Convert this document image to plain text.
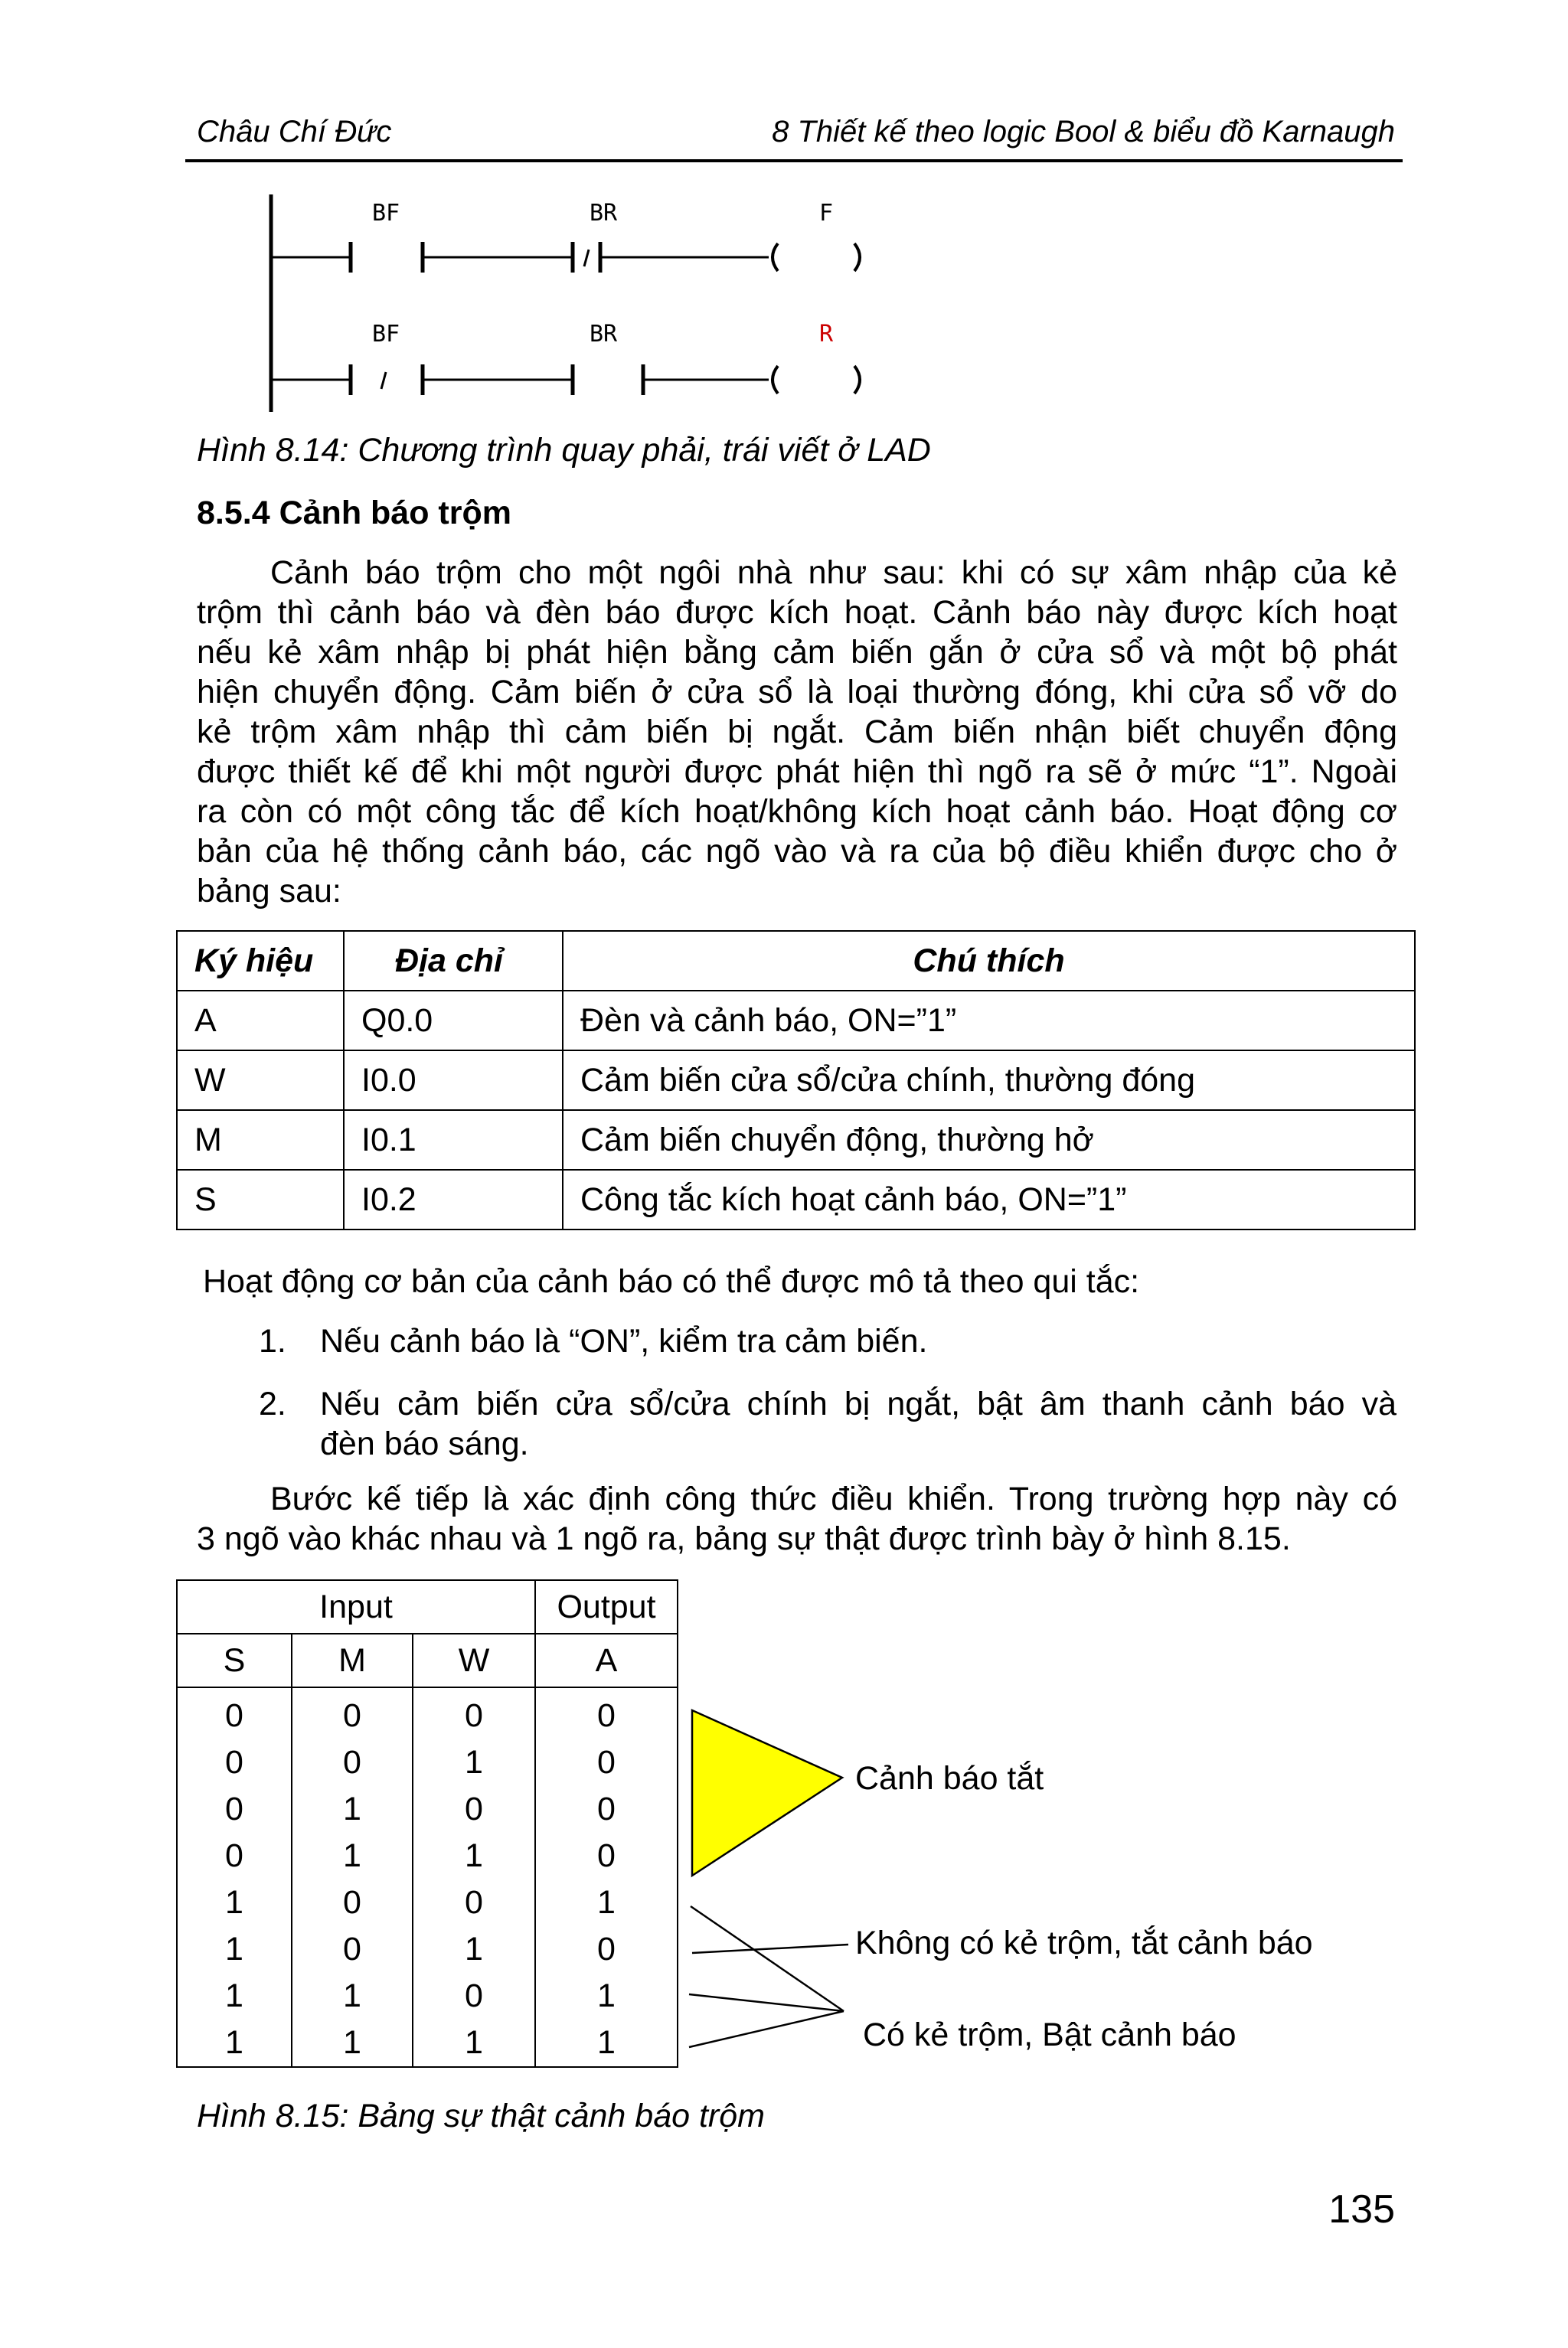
Châu Chí Đức	8 Thiết kế theo logic Bool & biểu đồ Karnaugh
BF	BR	F
BF	BR	R
Hình 8.14: Chương trình quay phải, trái viết ở LAD
8.5.4 Cảnh báo trộm
Cảnh báo trộm cho một ngôi nhà như sau: khi có sự xâm nhập của kẻ
trộm thì cảnh báo và đèn báo được kích hoạt. Cảnh báo này được kích hoạt
nếu kẻ xâm nhập bị phát hiện bằng cảm biến gắn ở cửa sổ và một bộ phát
hiện chuyển động. Cảm biến ở cửa sổ là loại thường đóng, khi cửa sổ vỡ do
kẻ trộm xâm nhập thì cảm biến bị ngắt. Cảm biến nhận biết chuyển động
được thiết kế để khi một người được phát hiện thì ngõ ra sẽ ở mức “1”. Ngoài
ra còn có một công tắc để kích hoạt/không kích hoạt cảnh báo. Hoạt động cơ
bản của hệ thống cảnh báo, các ngõ vào và ra của bộ điều khiển được cho ở
bảng sau:
Ký hiệu	Địa chỉ	Chú thích
A	Q0.0	Đèn và cảnh báo, ON=”1”
W	I0.0	Cảm biến cửa sổ/cửa chính, thường đóng
M	I0.1	Cảm biến chuyển động, thường hở
S	I0.2	Công tắc kích hoạt cảnh báo, ON=”1”
Hoạt động cơ bản của cảnh báo có thể được mô tả theo qui tắc:
1. Nếu cảnh báo là “ON”, kiểm tra cảm biến.
2. Nếu cảm biến cửa sổ/cửa chính bị ngắt, bật âm thanh cảnh báo và
đèn báo sáng.
Bước kế tiếp là xác định công thức điều khiển. Trong trường hợp này có
3 ngõ vào khác nhau và 1 ngõ ra, bảng sự thật được trình bày ở hình 8.15.
Input			Output
S	M	W	A
0	0	0	0
0	0	1	0
0	1	0	0
0	1	1	0
1	0	0	1
1	0	1	0
1	1	0	1
1	1	1	1
Cảnh báo tắt
Không có kẻ trộm, tắt cảnh báo
Có kẻ trộm, Bật cảnh báo
Hình 8.15: Bảng sự thật cảnh báo trộm
135
